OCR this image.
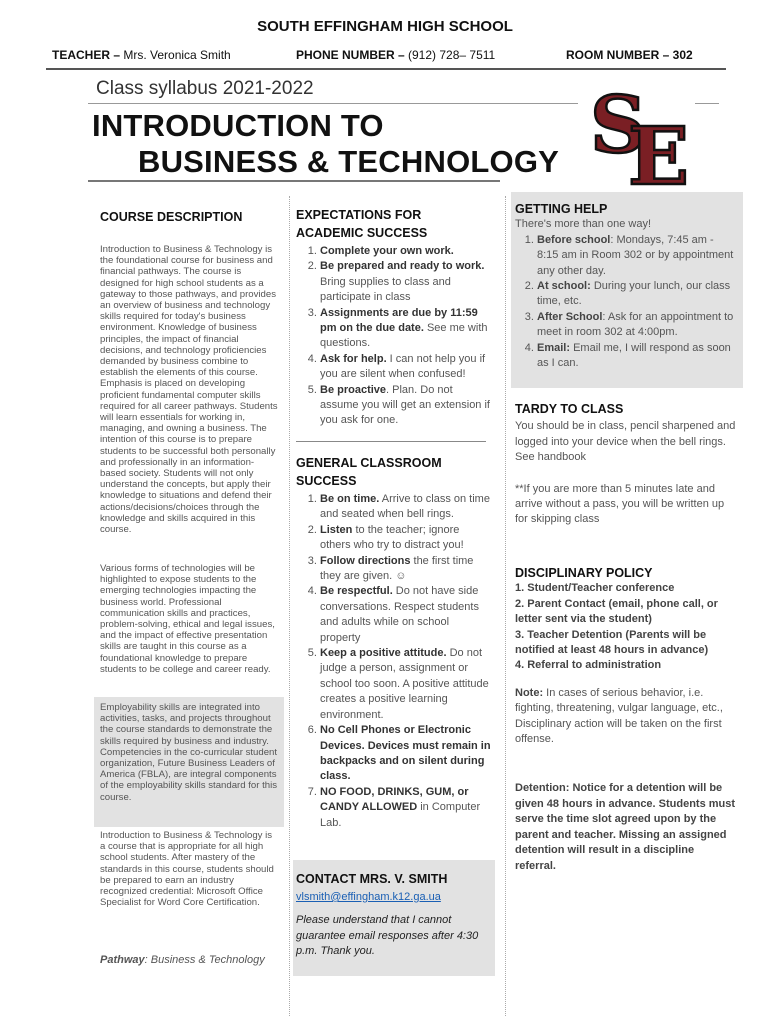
SOUTH EFFINGHAM HIGH SCHOOL
TEACHER – Mrs. Veronica Smith	PHONE NUMBER – (912) 728– 7511	ROOM NUMBER – 302
Class syllabus 2021-2022
INTRODUCTION TO
BUSINESS & TECHNOLOGY S
E
COURSE DESCRIPTION
Introduction to Business & Technology is the foundational course for business and financial pathways. The course is designed for high school students as a gateway to those pathways, and provides an overview of business and technology skills required for today's business environment. Knowledge of business principles, the impact of financial decisions, and technology proficiencies demanded by business combine to establish the elements of this course. Emphasis is placed on developing proficient fundamental computer skills required for all career pathways. Students will learn essentials for working in, managing, and owning a business. The intention of this course is to prepare students to be successful both personally and professionally in an information-based society. Students will not only understand the concepts, but apply their knowledge to situations and defend their actions/decisions/choices through the knowledge and skills acquired in this course.
Various forms of technologies will be highlighted to expose students to the emerging technologies impacting the business world. Professional communication skills and practices, problem-solving, ethical and legal issues, and the impact of effective presentation skills are taught in this course as a foundational knowledge to prepare students to be college and career ready.
Employability skills are integrated into activities, tasks, and projects throughout the course standards to demonstrate the skills required by business and industry. Competencies in the co-curricular student organization, Future Business Leaders of America (FBLA), are integral components of the employability skills standard for this course.
Introduction to Business & Technology is a course that is appropriate for all high school students. After mastery of the standards in this course, students should be prepared to earn an industry recognized credential: Microsoft Office Specialist for Word Core Certification.
Pathway: Business & Technology
EXPECTATIONS FOR
ACADEMIC SUCCESS
1. Complete your own work.
2. Be prepared and ready to work. Bring supplies to class and participate in class
3. Assignments are due by 11:59 pm on the due date. See me with questions.
4. Ask for help. I can not help you if you are silent when confused!
5. Be proactive. Plan. Do not assume you will get an extension if you ask for one.
GENERAL CLASSROOM
SUCCESS
1. Be on time. Arrive to class on time and seated when bell rings.
2. Listen to the teacher; ignore others who try to distract you!
3. Follow directions the first time they are given. ☺
4. Be respectful. Do not have side conversations. Respect students and adults while on school property
5. Keep a positive attitude. Do not judge a person, assignment or school too soon. A positive attitude creates a positive learning environment.
6. No Cell Phones or Electronic Devices. Devices must remain in backpacks and on silent during class.
7. NO FOOD, DRINKS, GUM, or CANDY ALLOWED in Computer Lab.
CONTACT MRS. V. SMITH
vlsmith@effingham.k12.ga.ua
Please understand that I cannot guarantee email responses after 4:30 p.m. Thank you.
GETTING HELP
There's more than one way!
1. Before school: Mondays, 7:45 am - 8:15 am in Room 302 or by appointment any other day.
2. At school: During your lunch, our class time, etc.
3. After School: Ask for an appointment to meet in room 302 at 4:00pm.
4. Email: Email me, I will respond as soon as I can.
TARDY TO CLASS
You should be in class, pencil sharpened and logged into your device when the bell rings. See handbook
**If you are more than 5 minutes late and arrive without a pass, you will be written up for skipping class
DISCIPLINARY POLICY
1. Student/Teacher conference
2. Parent Contact (email, phone call, or letter sent via the student)
3. Teacher Detention (Parents will be notified at least 48 hours in advance)
4. Referral to administration
Note: In cases of serious behavior, i.e. fighting, threatening, vulgar language, etc., Disciplinary action will be taken on the first offense.
Detention: Notice for a detention will be given 48 hours in advance. Students must serve the time slot agreed upon by the parent and teacher. Missing an assigned detention will result in a discipline referral.
